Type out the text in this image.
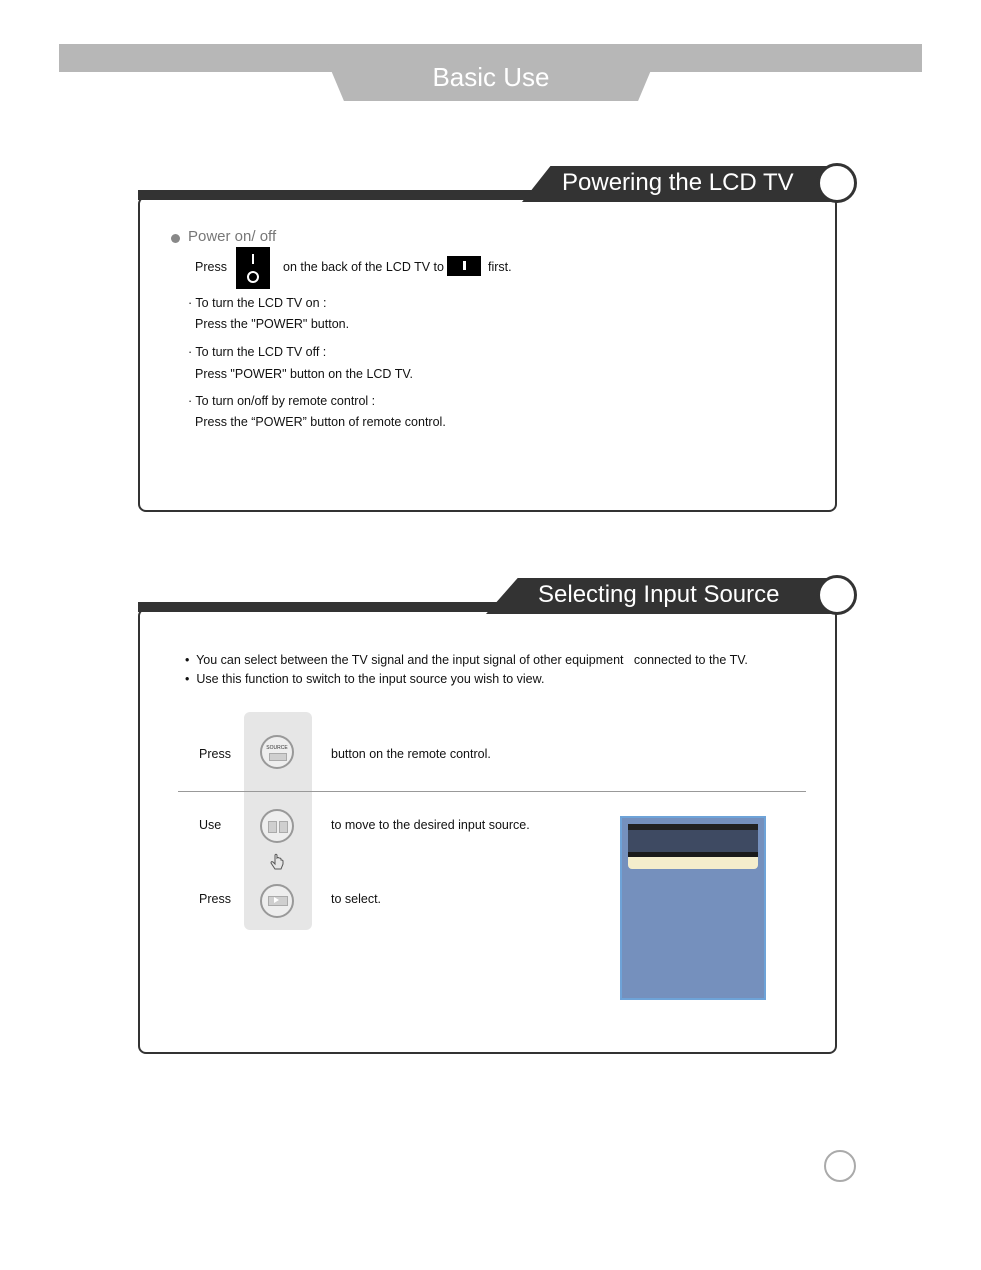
Basic Use
Powering the LCD TV
Power on/ off
Press	on the back of the LCD TV to	first.
· To turn the LCD TV on :
Press the "POWER" button.
· To turn the LCD TV off :
Press "POWER" button on the LCD TV.
· To turn on/off by remote control :
Press the “POWER” button of remote control.
Selecting Input Source
•  You can select between the TV signal and the input signal of other equipment   connected to the TV.
•  Use this function to switch to the input source you wish to view.
Press	SOURCE	button on the remote control.
Use	to move to the desired input source.
Press	to select.
